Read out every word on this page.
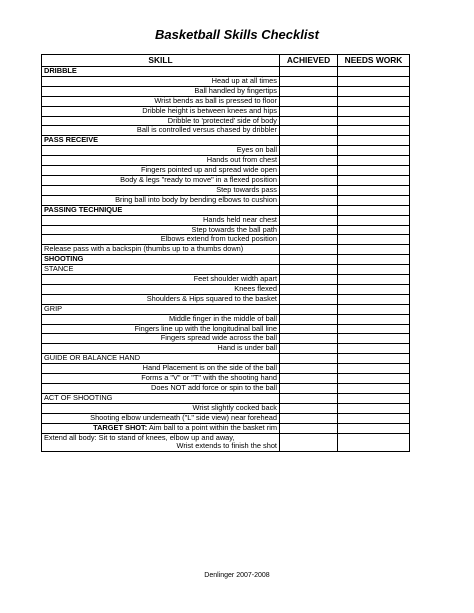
Basketball Skills Checklist
SKILL	ACHIEVED	NEEDS WORK
DRIBBLE		
Head up at all times		
Ball handled by fingertips		
Wrist bends as ball is pressed to floor		
Dribble height is between knees and hips		
Dribble to 'protected' side of body		
Ball is controlled versus chased by dribbler		
PASS RECEIVE		
Eyes on ball		
Hands out from chest		
Fingers pointed up and spread wide open		
Body & legs "ready to move" in a flexed position		
Step towards pass		
Bring ball into body by bending elbows to cushion		
PASSING TECHNIQUE		
Hands held near chest		
Step towards the ball path		
Elbows extend from tucked position		
Release pass with a backspin (thumbs up to a thumbs down)		
SHOOTING		
STANCE		
Feet shoulder width apart		
Knees flexed		
Shoulders & Hips squared to the basket		
GRIP		
Middle finger in the middle of ball		
Fingers line up with the longitudinal ball line		
Fingers spread wide across the ball		
Hand is under ball		
GUIDE OR BALANCE HAND		
Hand Placement is on the side of the ball		
Forms a "V" or "T" with the shooting hand		
Does NOT add force or spin to the ball		
ACT OF SHOOTING		
Wrist slightly cocked back		
Shooting elbow underneath ("L" side view) near forehead		
TARGET SHOT: Aim ball to a point within the basket rim		

Extend all body: Sit to stand of knees, elbow up and away,
Wrist extends to finish the shot		

Denlinger 2007-2008
